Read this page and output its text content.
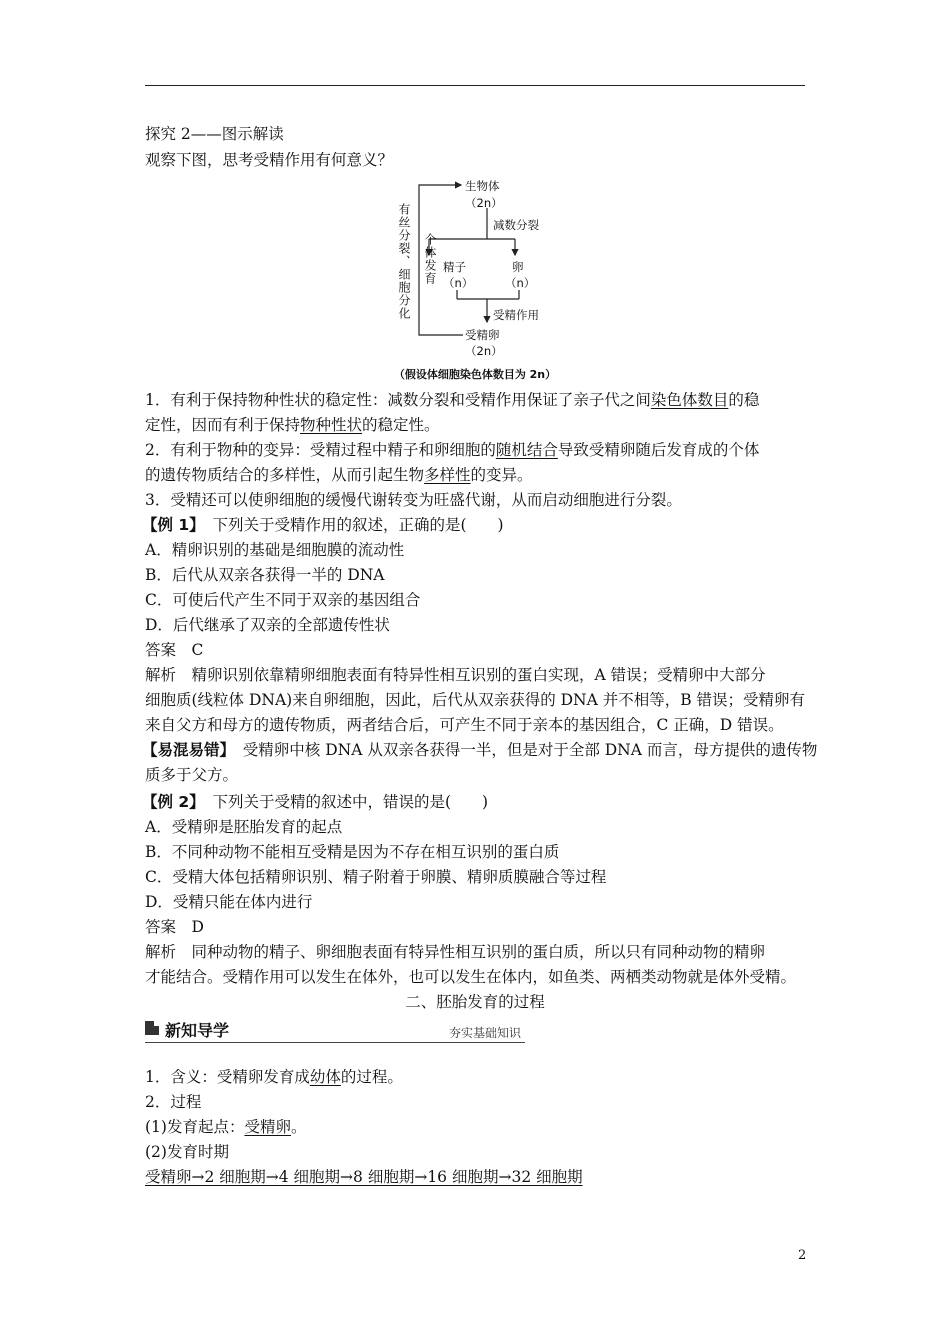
探究 2——图示解读
观察下图，思考受精作用有何意义？
生物体
（2n）
减数分裂
精子
（n）
卵
（n）
受精作用
受精卵
（2n）
有丝分裂、细胞分化 个体发育
（假设体细胞染色体数目为 2n）
1．有利于保持物种性状的稳定性：减数分裂和受精作用保证了亲子代之间染色体数目的稳
定性，因而有利于保持物种性状的稳定性。
2．有利于物种的变异：受精过程中精子和卵细胞的随机结合导致受精卵随后发育成的个体
的遗传物质结合的多样性，从而引起生物多样性的变异。
3．受精还可以使卵细胞的缓慢代谢转变为旺盛代谢，从而启动细胞进行分裂。
【例 1】　 下列关于受精作用的叙述，正确的是(　　)
A．精卵识别的基础是细胞膜的流动性
B．后代从双亲各获得一半的 DNA
C．可使后代产生不同于双亲的基因组合
D．后代继承了双亲的全部遗传性状
答案　C
解析　精卵识别依靠精卵细胞表面有特异性相互识别的蛋白实现，A 错误；受精卵中大部分
细胞质(线粒体 DNA)来自卵细胞，因此，后代从双亲获得的 DNA 并不相等，B 错误；受精卵有
来自父方和母方的遗传物质，两者结合后，可产生不同于亲本的基因组合，C 正确，D 错误。
【易混易错】　 受精卵中核 DNA 从双亲各获得一半，但是对于全部 DNA 而言，母方提供的遗传物
质多于父方。
【例 2】　 下列关于受精的叙述中，错误的是(　　)
A．受精卵是胚胎发育的起点
B．不同种动物不能相互受精是因为不存在相互识别的蛋白质
C．受精大体包括精卵识别、精子附着于卵膜、精卵质膜融合等过程
D．受精只能在体内进行
答案　D
解析　同种动物的精子、卵细胞表面有特异性相互识别的蛋白质，所以只有同种动物的精卵
才能结合。受精作用可以发生在体外，也可以发生在体内，如鱼类、两栖类动物就是体外受精。
二、胚胎发育的过程
新知导学	夯实基础知识
1．含义：受精卵发育成幼体的过程。
2．过程
(1)发育起点：受精卵。
(2)发育时期
受精卵→2 细胞期→4 细胞期→8 细胞期→16 细胞期→32 细胞期
2
